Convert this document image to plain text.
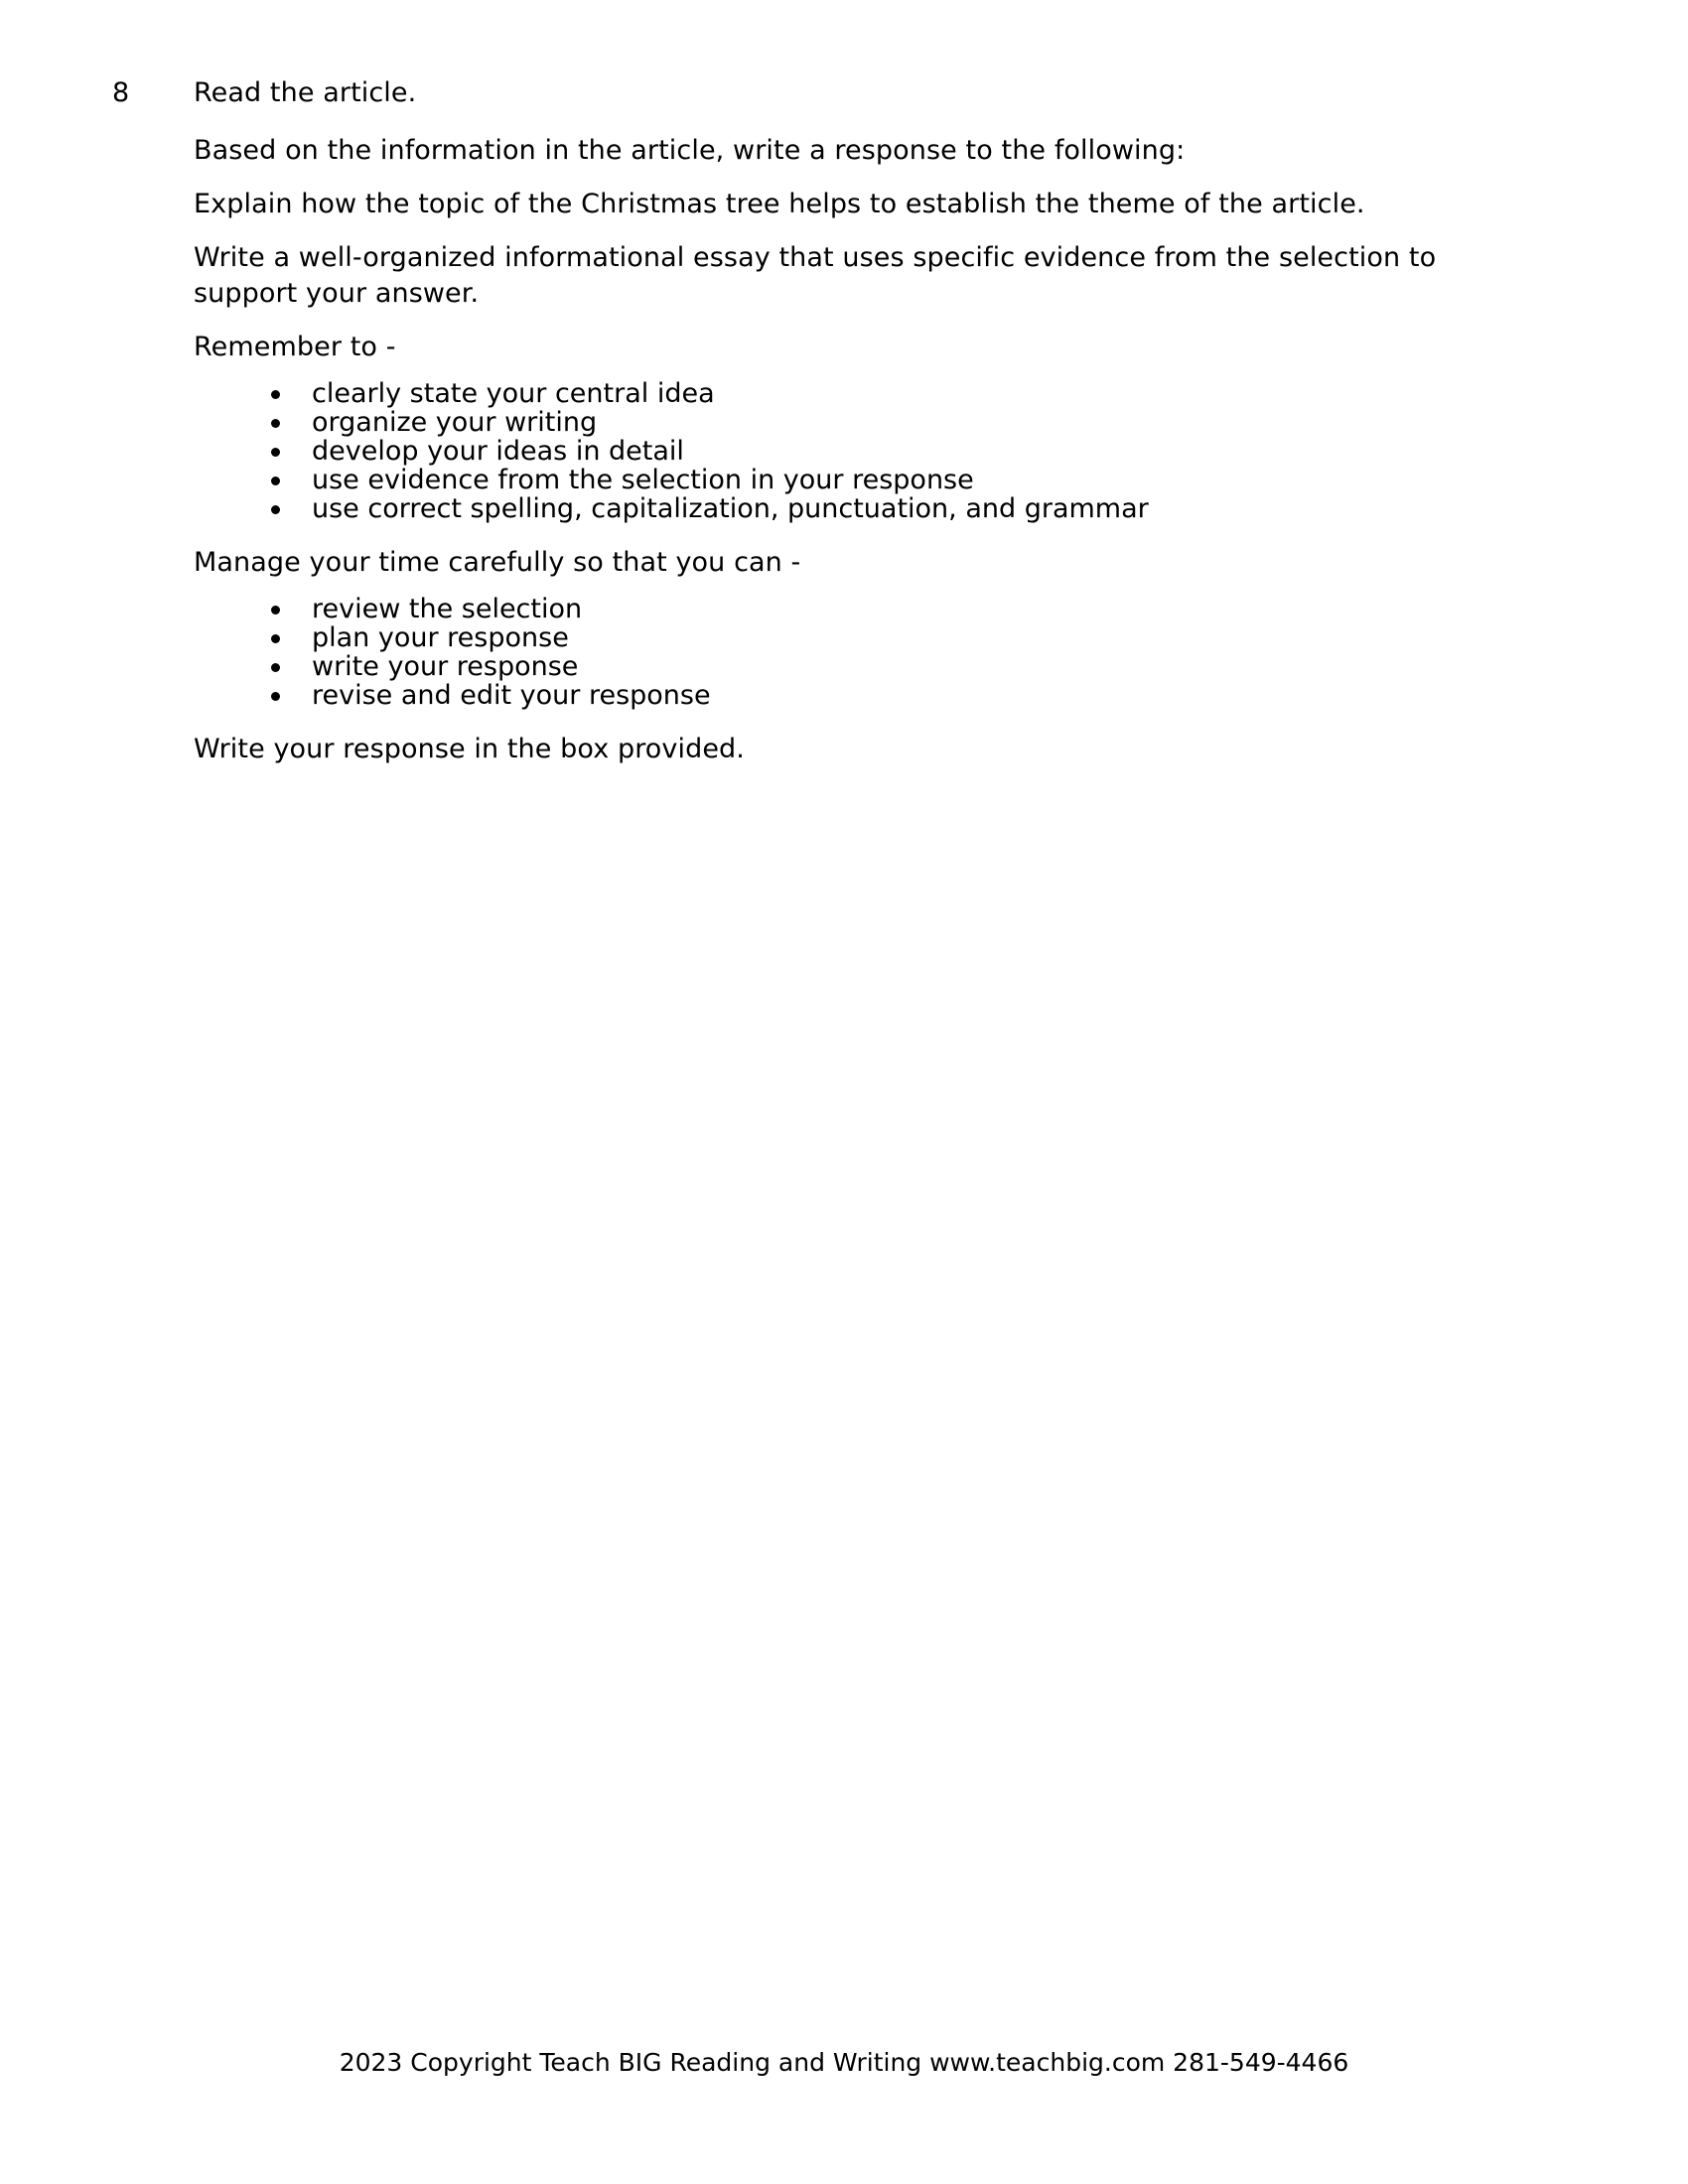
8	Read the article.

Based on the information in the article, write a response to the following:

Explain how the topic of the Christmas tree helps to establish the theme of the article.

Write a well-organized informational essay that uses specific evidence from the selection to support your answer.

Remember to -

clearly state your central idea
organize your writing
develop your ideas in detail
use evidence from the selection in your response
use correct spelling, capitalization, punctuation, and grammar

Manage your time carefully so that you can -

review the selection
plan your response
write your response
revise and edit your response

Write your response in the box provided.

2023 Copyright Teach BIG Reading and Writing www.teachbig.com 281-549-4466
